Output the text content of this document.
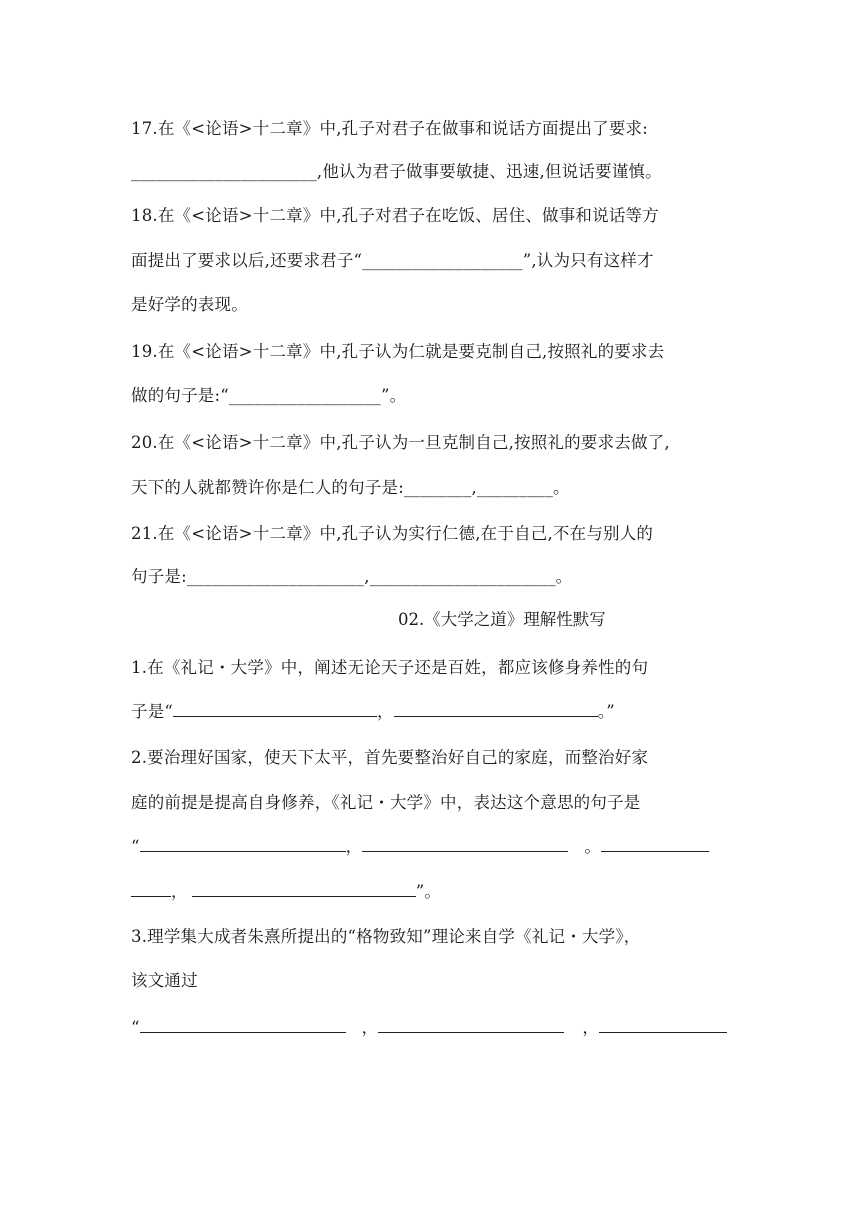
17.在《<论语>十二章》中,孔子对君子在做事和说话方面提出了要求:
______________________,他认为君子做事要敏捷、迅速,但说话要谨慎。
18.在《<论语>十二章》中,孔子对君子在吃饭、居住、做事和说话等方
面提出了要求以后,还要求君子“___________________”,认为只有这样才
是好学的表现。
19.在《<论语>十二章》中,孔子认为仁就是要克制自己,按照礼的要求去
做的句子是:“__________________”。
20.在《<论语>十二章》中,孔子认为一旦克制自己,按照礼的要求去做了,
天下的人就都赞许你是仁人的句子是:________,_________。
21.在《<论语>十二章》中,孔子认为实行仁德,在于自己,不在与别人的
句子是:_____________________,______________________。
02.《大学之道》理解性默写
1.在《礼记・大学》中，阐述无论天子还是百姓，都应该修身养性的句
子是“	，	。”
2.要治理好国家，使天下太平，首先要整治好自己的家庭，而整治好家
庭的前提是提高自身修养，《礼记・大学》中，表达这个意思的句子是
“	，	。
，	”。
3.理学集大成者朱熹所提出的“格物致知”理论来自学《礼记・大学》，
该文通过
“	，	，
